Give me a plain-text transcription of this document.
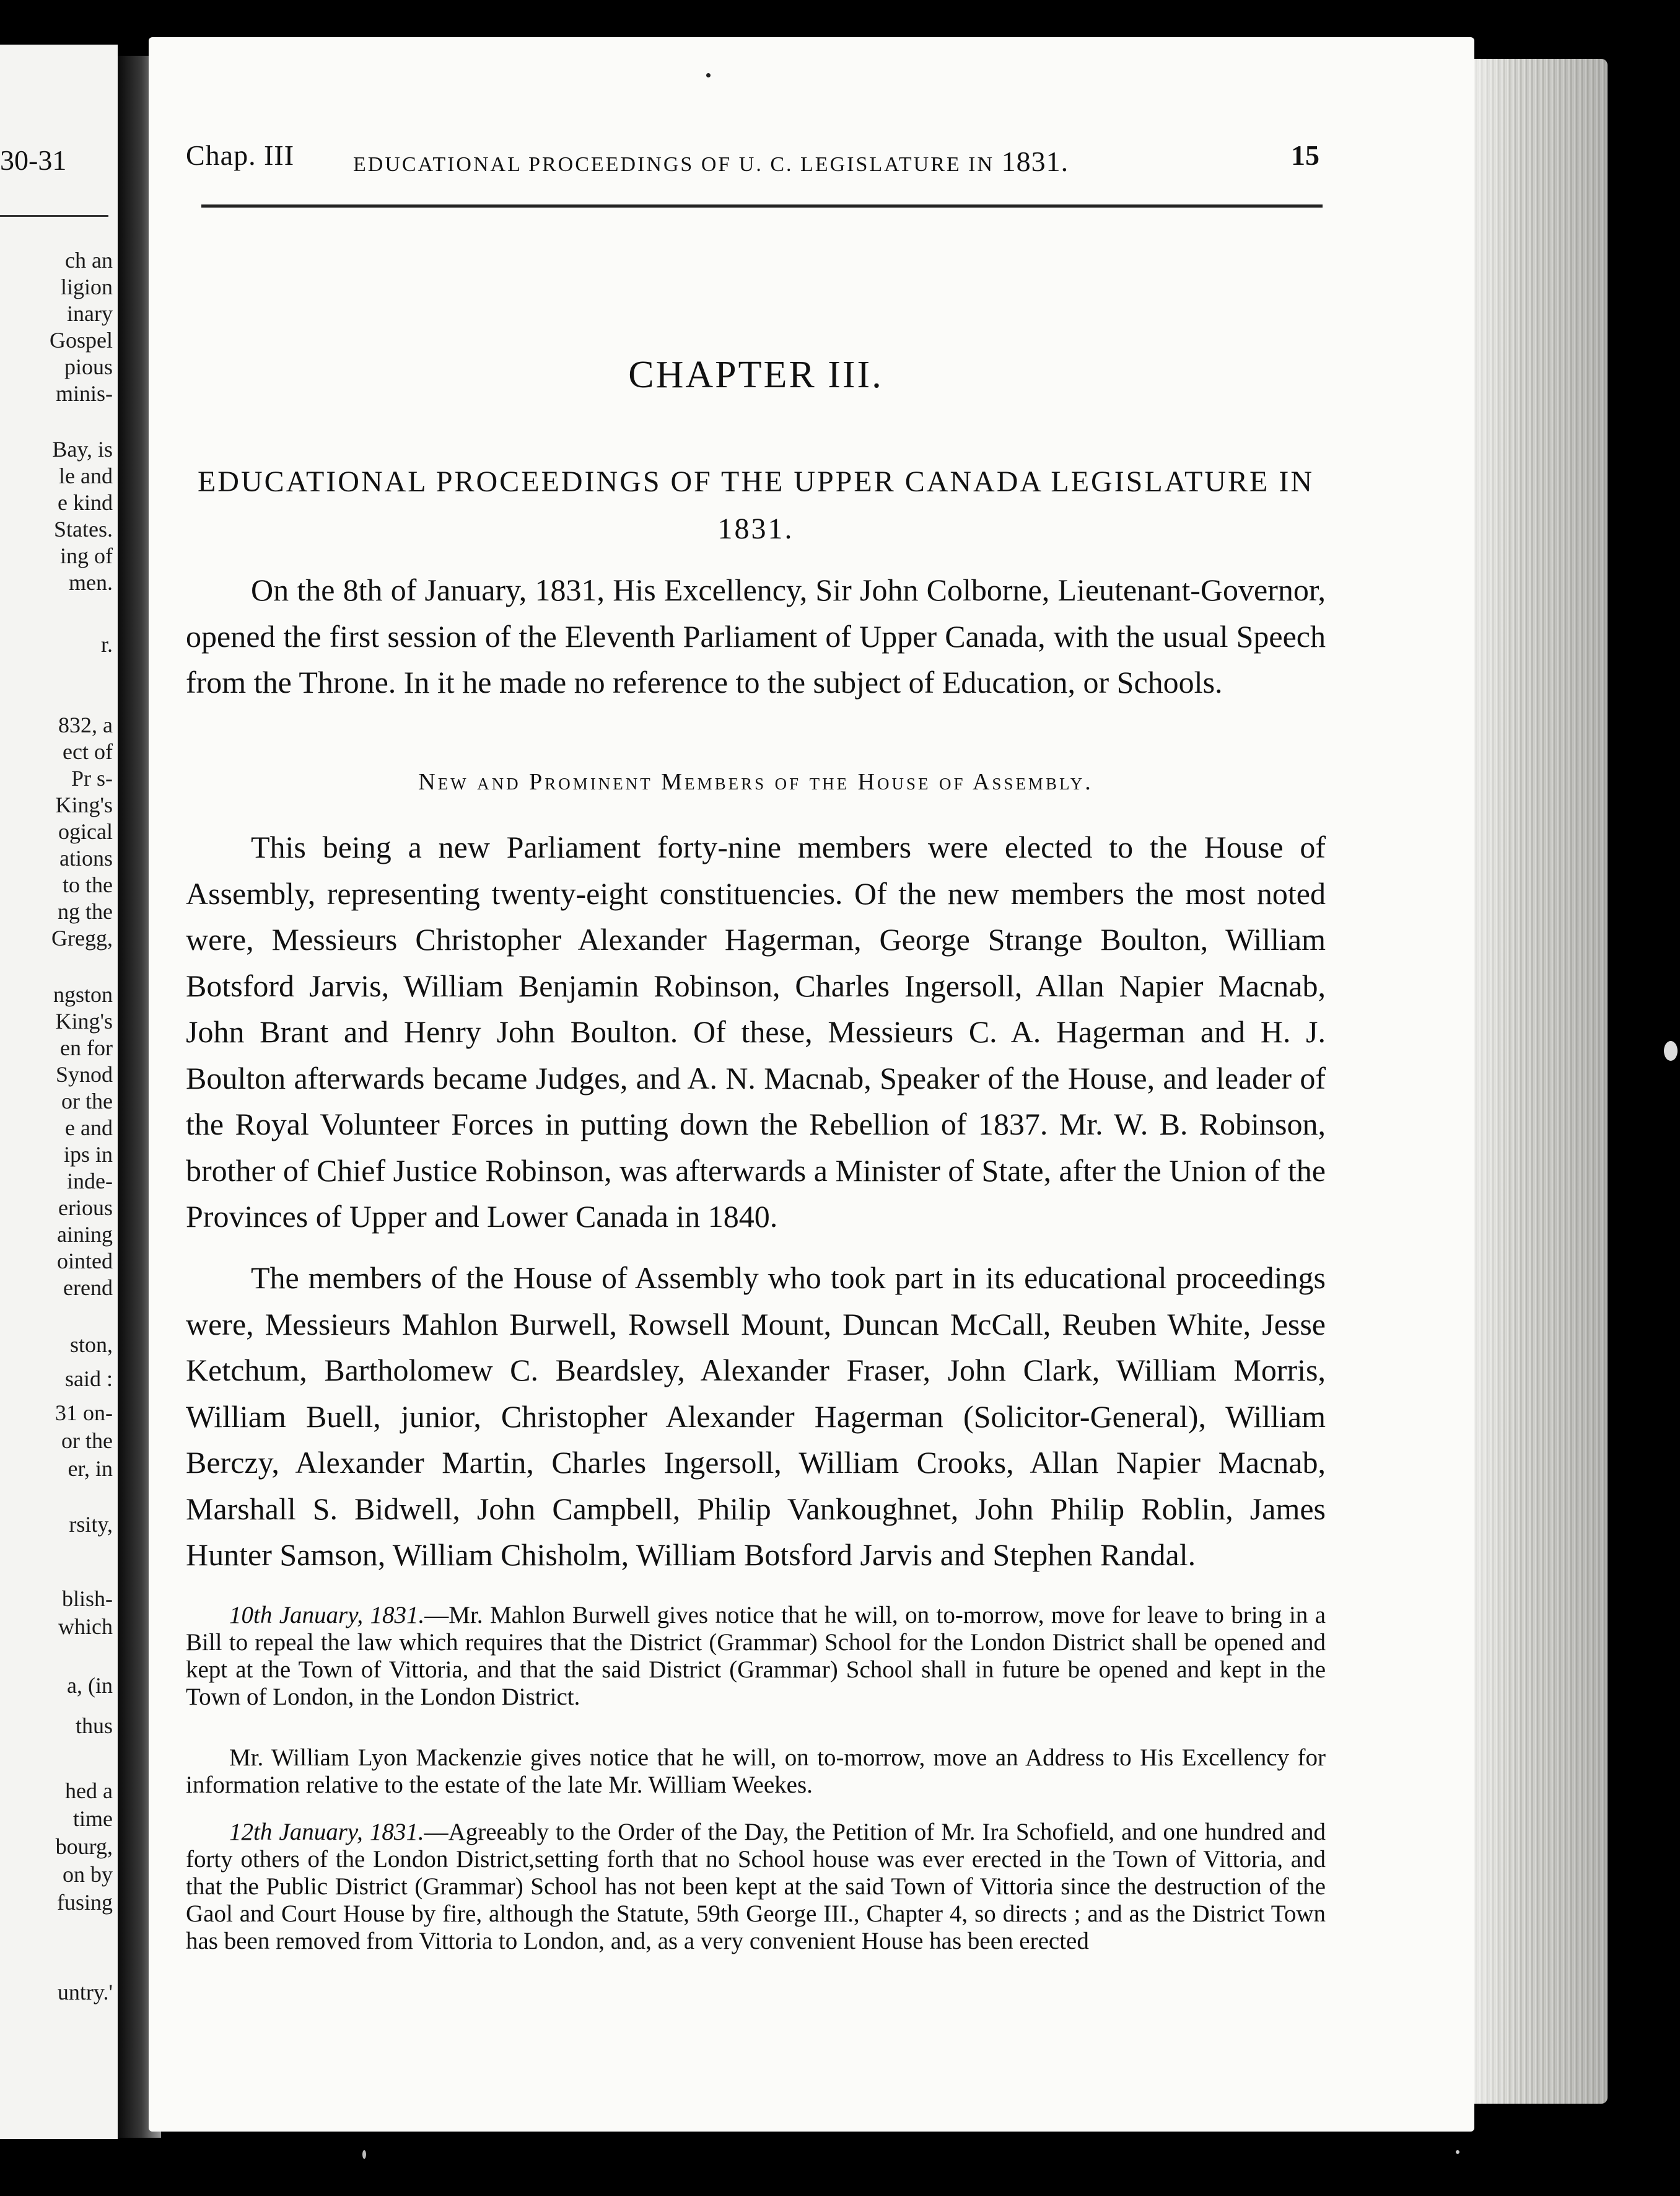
30-31
ch an
ligion
inary
Gospel
pious
minis-
Bay, is
le and
e kind
States.
ing of
men.
r.
832, a
ect of
Pr s-
King's
ogical
ations
to the
ng the
Gregg,
ngston
King's
en for
Synod
or the
e and
ips in
inde-
erious
aining
ointed
erend
ston,
said :
31 on-
or the
er, in
rsity,
blish-
which
a, (in
thus
hed a
time
bourg,
on by
fusing
untry.'
Chap. III	EDUCATIONAL PROCEEDINGS OF U. C. LEGISLATURE IN 1831.	15
CHAPTER III.
EDUCATIONAL PROCEEDINGS OF THE UPPER CANADA LEGISLATURE IN 1831.

On the 8th of January, 1831, His Excellency, Sir John Colborne, Lieutenant-Governor, opened the first session of the Eleventh Parliament of Upper Canada, with the usual Speech from the Throne. In it he made no reference to the subject of Education, or Schools.

New and Prominent Members of the House of Assembly.

This being a new Parliament forty-nine members were elected to the House of Assembly, representing twenty-eight constituencies. Of the new members the most noted were, Messieurs Christopher Alexander Hagerman, George Strange Boulton, William Botsford Jarvis, William Benjamin Robinson, Charles Ingersoll, Allan Napier Macnab, John Brant and Henry John Boulton. Of these, Messieurs C. A. Hagerman and H. J. Boulton afterwards became Judges, and A. N. Macnab, Speaker of the House, and leader of the Royal Volunteer Forces in putting down the Rebellion of 1837. Mr. W. B. Robinson, brother of Chief Justice Robinson, was afterwards a Minister of State, after the Union of the Provinces of Upper and Lower Canada in 1840.

The members of the House of Assembly who took part in its educational proceedings were, Messieurs Mahlon Burwell, Rowsell Mount, Duncan McCall, Reuben White, Jesse Ketchum, Bartholomew C. Beardsley, Alexander Fraser, John Clark, William Morris, William Buell, junior, Christopher Alexander Hagerman (Solicitor-General), William Berczy, Alexander Martin, Charles Ingersoll, William Crooks, Allan Napier Macnab, Marshall S. Bidwell, John Campbell, Philip Vankoughnet, John Philip Roblin, James Hunter Samson, William Chisholm, William Botsford Jarvis and Stephen Randal.

10th January, 1831.—Mr. Mahlon Burwell gives notice that he will, on to-morrow, move for leave to bring in a Bill to repeal the law which requires that the District (Grammar) School for the London District shall be opened and kept at the Town of Vittoria, and that the said District (Grammar) School shall in future be opened and kept in the Town of London, in the London District.

Mr. William Lyon Mackenzie gives notice that he will, on to-morrow, move an Address to His Excellency for information relative to the estate of the late Mr. William Weekes.

12th January, 1831.—Agreeably to the Order of the Day, the Petition of Mr. Ira Schofield, and one hundred and forty others of the London District,setting forth that no School house was ever erected in the Town of Vittoria, and that the Public District (Grammar) School has not been kept at the said Town of Vittoria since the destruction of the Gaol and Court House by fire, although the Statute, 59th George III., Chapter 4, so directs ; and as the District Town has been removed from Vittoria to London, and, as a very convenient House has been erected
